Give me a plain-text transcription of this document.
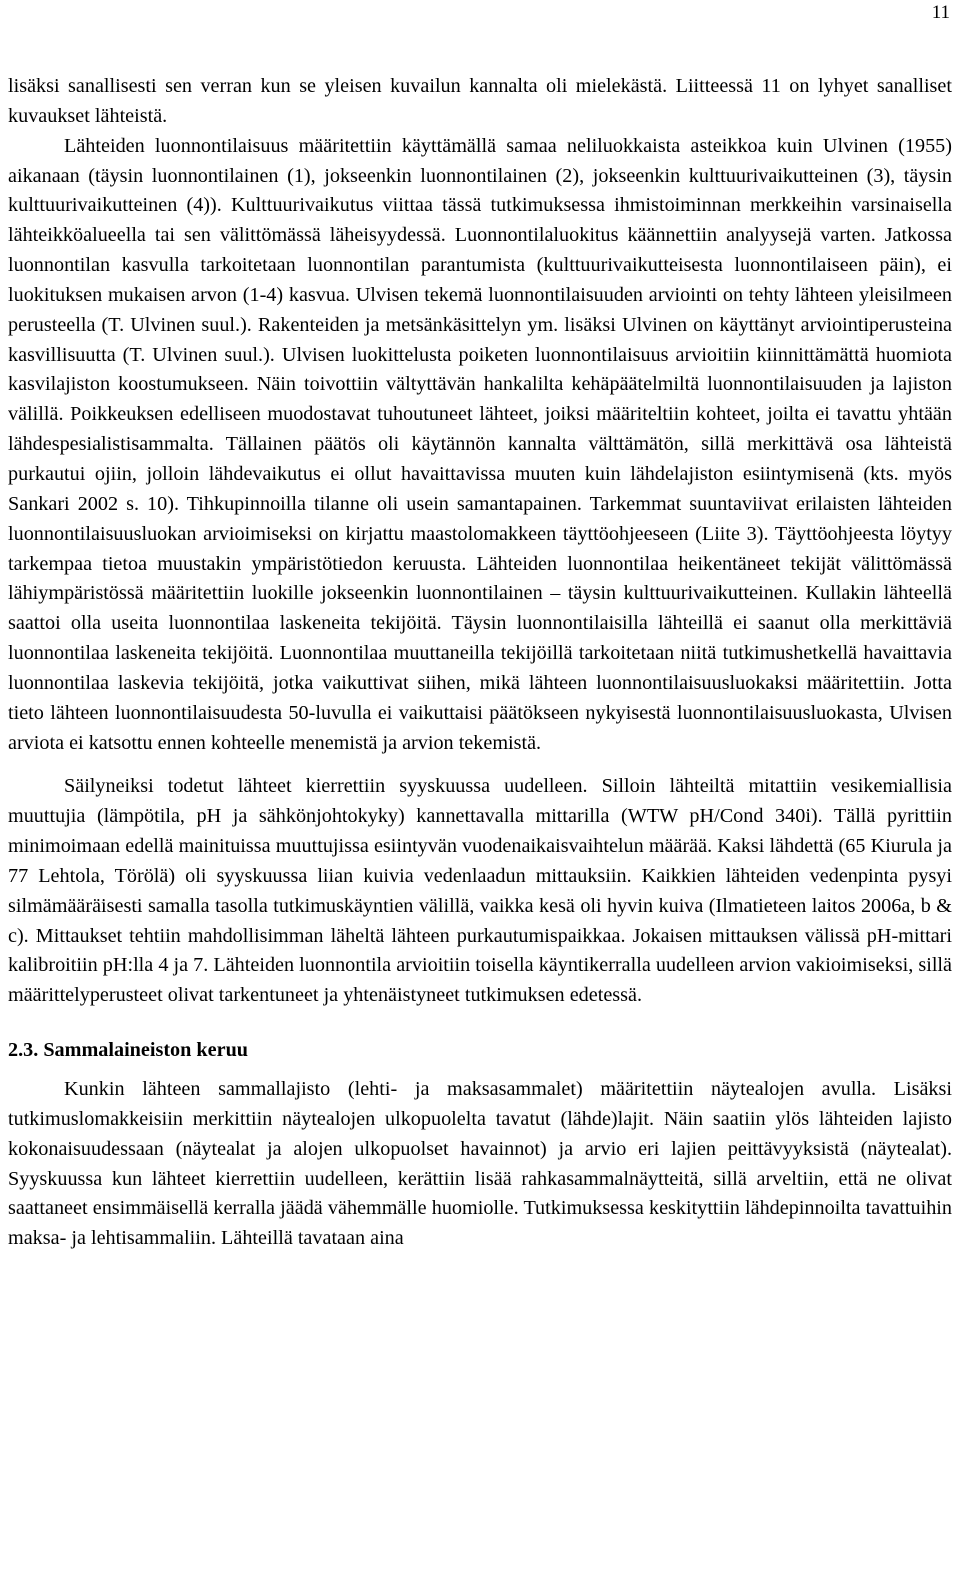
11

lisäksi sanallisesti sen verran kun se yleisen kuvailun kannalta oli mielekästä. Liitteessä 11 on lyhyet sanalliset kuvaukset lähteistä.

Lähteiden luonnontilaisuus määritettiin käyttämällä samaa neliluokkaista asteikkoa kuin Ulvinen (1955) aikanaan (täysin luonnontilainen (1), jokseenkin luonnontilainen (2), jokseenkin kulttuurivaikutteinen (3), täysin kulttuurivaikutteinen (4)). Kulttuurivaikutus viittaa tässä tutkimuksessa ihmistoiminnan merkkeihin varsinaisella lähteikköalueella tai sen välittömässä läheisyydessä. Luonnontilaluokitus käännettiin analyysejä varten. Jatkossa luonnontilan kasvulla tarkoitetaan luonnontilan parantumista (kulttuurivaikutteisesta luonnontilaiseen päin), ei luokituksen mukaisen arvon (1-4) kasvua. Ulvisen tekemä luonnontilaisuuden arviointi on tehty lähteen yleisilmeen perusteella (T. Ulvinen suul.). Rakenteiden ja metsänkäsittelyn ym. lisäksi Ulvinen on käyttänyt arviointiperusteina kasvillisuutta (T. Ulvinen suul.). Ulvisen luokittelusta poiketen luonnontilaisuus arvioitiin kiinnittämättä huomiota kasvilajiston koostumukseen. Näin toivottiin vältyttävän hankalilta kehäpäätelmiltä luonnontilaisuuden ja lajiston välillä. Poikkeuksen edelliseen muodostavat tuhoutuneet lähteet, joiksi määriteltiin kohteet, joilta ei tavattu yhtään lähdespesialistisammalta. Tällainen päätös oli käytännön kannalta välttämätön, sillä merkittävä osa lähteistä purkautui ojiin, jolloin lähdevaikutus ei ollut havaittavissa muuten kuin lähdelajiston esiintymisenä (kts. myös Sankari 2002 s. 10). Tihkupinnoilla tilanne oli usein samantapainen. Tarkemmat suuntaviivat erilaisten lähteiden luonnontilaisuusluokan arvioimiseksi on kirjattu maastolomakkeen täyttöohjeeseen (Liite 3). Täyttöohjeesta löytyy tarkempaa tietoa muustakin ympäristötiedon keruusta. Lähteiden luonnontilaa heikentäneet tekijät välittömässä lähiympäristössä määritettiin luokille jokseenkin luonnontilainen – täysin kulttuurivaikutteinen. Kullakin lähteellä saattoi olla useita luonnontilaa laskeneita tekijöitä. Täysin luonnontilaisilla lähteillä ei saanut olla merkittäviä luonnontilaa laskeneita tekijöitä. Luonnontilaa muuttaneilla tekijöillä tarkoitetaan niitä tutkimushetkellä havaittavia luonnontilaa laskevia tekijöitä, jotka vaikuttivat siihen, mikä lähteen luonnontilaisuusluokaksi määritettiin. Jotta tieto lähteen luonnontilaisuudesta 50-luvulla ei vaikuttaisi päätökseen nykyisestä luonnontilaisuusluokasta, Ulvisen arviota ei katsottu ennen kohteelle menemistä ja arvion tekemistä.

Säilyneiksi todetut lähteet kierrettiin syyskuussa uudelleen. Silloin lähteiltä mitattiin vesikemiallisia muuttujia (lämpötila, pH ja sähkönjohtokyky) kannettavalla mittarilla (WTW pH/Cond 340i). Tällä pyrittiin minimoimaan edellä mainituissa muuttujissa esiintyvän vuodenaikaisvaihtelun määrää. Kaksi lähdettä (65 Kiurula ja 77 Lehtola, Törölä) oli syyskuussa liian kuivia vedenlaadun mittauksiin. Kaikkien lähteiden vedenpinta pysyi silmämääräisesti samalla tasolla tutkimuskäyntien välillä, vaikka kesä oli hyvin kuiva (Ilmatieteen laitos 2006a, b & c). Mittaukset tehtiin mahdollisimman läheltä lähteen purkautumispaikkaa. Jokaisen mittauksen välissä pH-mittari kalibroitiin pH:lla 4 ja 7. Lähteiden luonnontila arvioitiin toisella käyntikerralla uudelleen arvion vakioimiseksi, sillä määrittelyperusteet olivat tarkentuneet ja yhtenäistyneet tutkimuksen edetessä.

2.3. Sammalaineiston keruu

Kunkin lähteen sammallajisto (lehti- ja maksasammalet) määritettiin näytealojen avulla. Lisäksi tutkimuslomakkeisiin merkittiin näytealojen ulkopuolelta tavatut (lähde)lajit. Näin saatiin ylös lähteiden lajisto kokonaisuudessaan (näytealat ja alojen ulkopuolset havainnot) ja arvio eri lajien peittävyyksistä (näytealat). Syyskuussa kun lähteet kierrettiin uudelleen, kerättiin lisää rahkasammalnäytteitä, sillä arveltiin, että ne olivat saattaneet ensimmäisellä kerralla jäädä vähemmälle huomiolle. Tutkimuksessa keskityttiin lähdepinnoilta tavattuihin maksa- ja lehtisammaliin. Lähteillä tavataan aina
